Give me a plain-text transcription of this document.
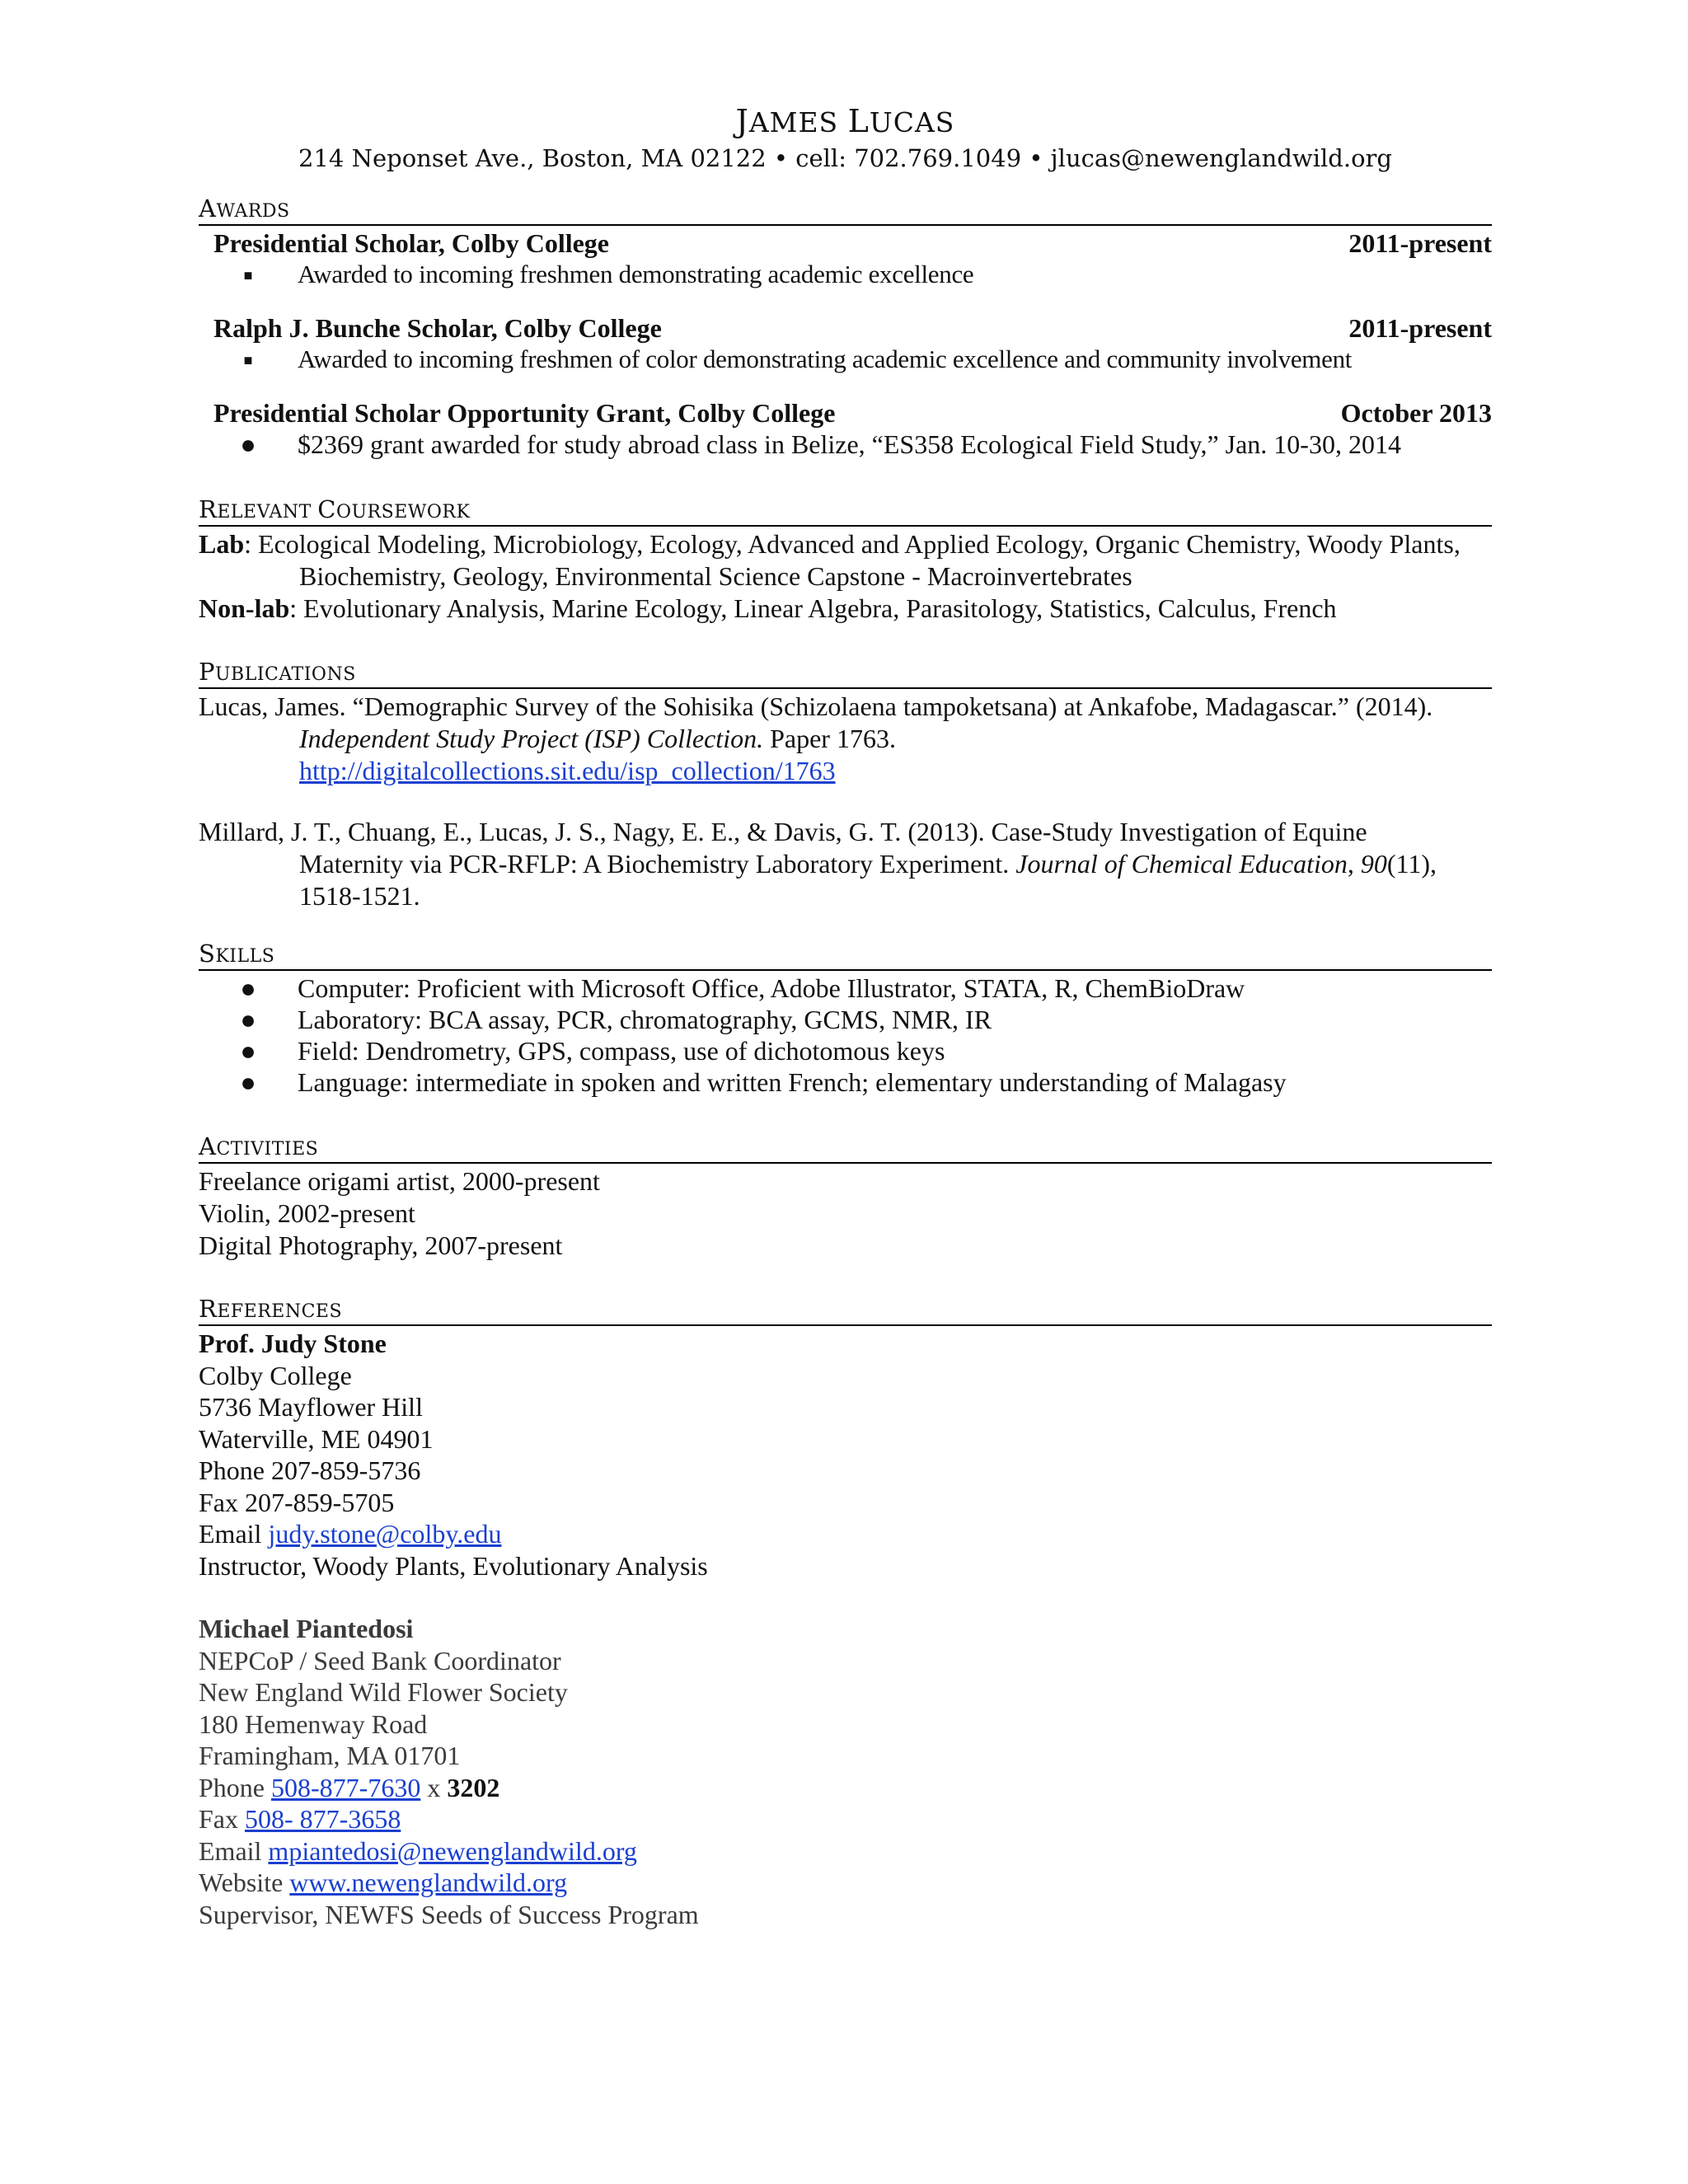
JAMES LUCAS
214 Neponset Ave., Boston, MA 02122 • cell: 702.769.1049 • jlucas@newenglandwild.org
AWARDS
Presidential Scholar, Colby College	2011-present
■	Awarded to incoming freshmen demonstrating academic excellence
Ralph J. Bunche Scholar, Colby College	2011-present
■	Awarded to incoming freshmen of color demonstrating academic excellence and community involvement
Presidential Scholar Opportunity Grant, Colby College	October 2013
●	$2369 grant awarded for study abroad class in Belize, “ES358 Ecological Field Study,” Jan. 10-30, 2014
RELEVANT COURSEWORK
Lab: Ecological Modeling, Microbiology, Ecology, Advanced and Applied Ecology, Organic Chemistry, Woody Plants, Biochemistry, Geology, Environmental Science Capstone - Macroinvertebrates
Non-lab: Evolutionary Analysis, Marine Ecology, Linear Algebra, Parasitology, Statistics, Calculus, French
PUBLICATIONS
Lucas, James. “Demographic Survey of the Sohisika (Schizolaena tampoketsana) at Ankafobe, Madagascar.” (2014). Independent Study Project (ISP) Collection. Paper 1763.
http://digitalcollections.sit.edu/isp_collection/1763
Millard, J. T., Chuang, E., Lucas, J. S., Nagy, E. E., & Davis, G. T. (2013). Case-Study Investigation of Equine Maternity via PCR-RFLP: A Biochemistry Laboratory Experiment. Journal of Chemical Education, 90(11), 1518-1521.
SKILLS
●	Computer: Proficient with Microsoft Office, Adobe Illustrator, STATA, R, ChemBioDraw
●	Laboratory: BCA assay, PCR, chromatography, GCMS, NMR, IR
●	Field: Dendrometry, GPS, compass, use of dichotomous keys
●	Language: intermediate in spoken and written French; elementary understanding of Malagasy
ACTIVITIES
Freelance origami artist, 2000-present
Violin, 2002-present
Digital Photography, 2007-present
REFERENCES
Prof. Judy Stone
Colby College
5736 Mayflower Hill
Waterville, ME 04901
Phone 207-859-5736
Fax 207-859-5705
Email judy.stone@colby.edu
Instructor, Woody Plants, Evolutionary Analysis
Michael Piantedosi
NEPCoP / Seed Bank Coordinator
New England Wild Flower Society
180 Hemenway Road
Framingham, MA 01701
Phone 508-877-7630 x 3202
Fax 508- 877-3658
Email mpiantedosi@newenglandwild.org
Website www.newenglandwild.org
Supervisor, NEWFS Seeds of Success Program
